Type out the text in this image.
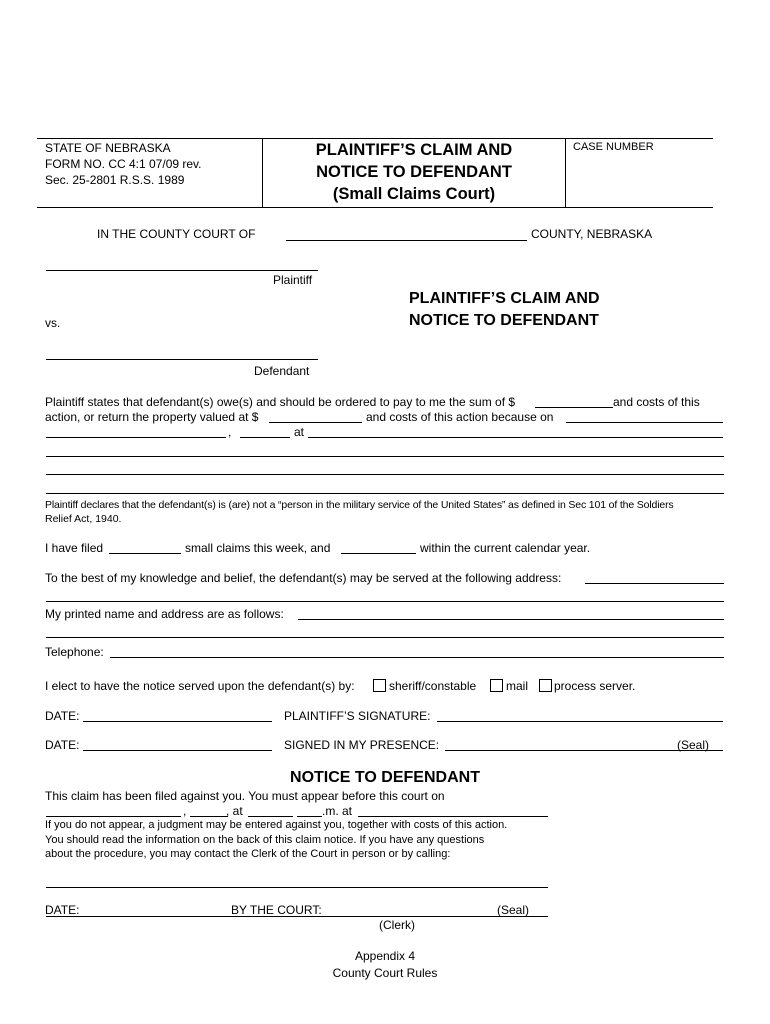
STATE OF NEBRASKA
FORM NO. CC 4:1 07/09 rev.
Sec. 25-2801 R.S.S. 1989
PLAINTIFF’S CLAIM AND
NOTICE TO DEFENDANT
(Small Claims Court)
CASE NUMBER
IN THE COUNTY COURT OF	COUNTY, NEBRASKA
Plaintiff
PLAINTIFF’S CLAIM AND
NOTICE TO DEFENDANT
vs.
Defendant
Plaintiff states that defendant(s) owe(s) and should be ordered to pay to me the sum of $	and costs of this
action, or return the property valued at $	and costs of this action because on
,	at
Plaintiff declares that the defendant(s) is (are) not a “person in the military service of the United States” as defined in Sec 101 of the Soldiers
Relief Act, 1940.
I have filed	small claims this week, and	within the current calendar year.
To the best of my knowledge and belief, the defendant(s) may be served at the following address:
My printed name and address are as follows:
Telephone:
I elect to have the notice served upon the defendant(s) by:	sheriff/constable mail process server.
DATE:	PLAINTIFF’S SIGNATURE:
DATE:	SIGNED IN MY PRESENCE:	(Seal)
NOTICE TO DEFENDANT
This claim has been filed against you. You must appear before this court on
,	, at	.m. at
If you do not appear, a judgment may be entered against you, together with costs of this action.
You should read the information on the back of this claim notice. If you have any questions
about the procedure, you may contact the Clerk of the Court in person or by calling:
DATE:	BY THE COURT:	(Seal)
(Clerk)
Appendix 4
County Court Rules
